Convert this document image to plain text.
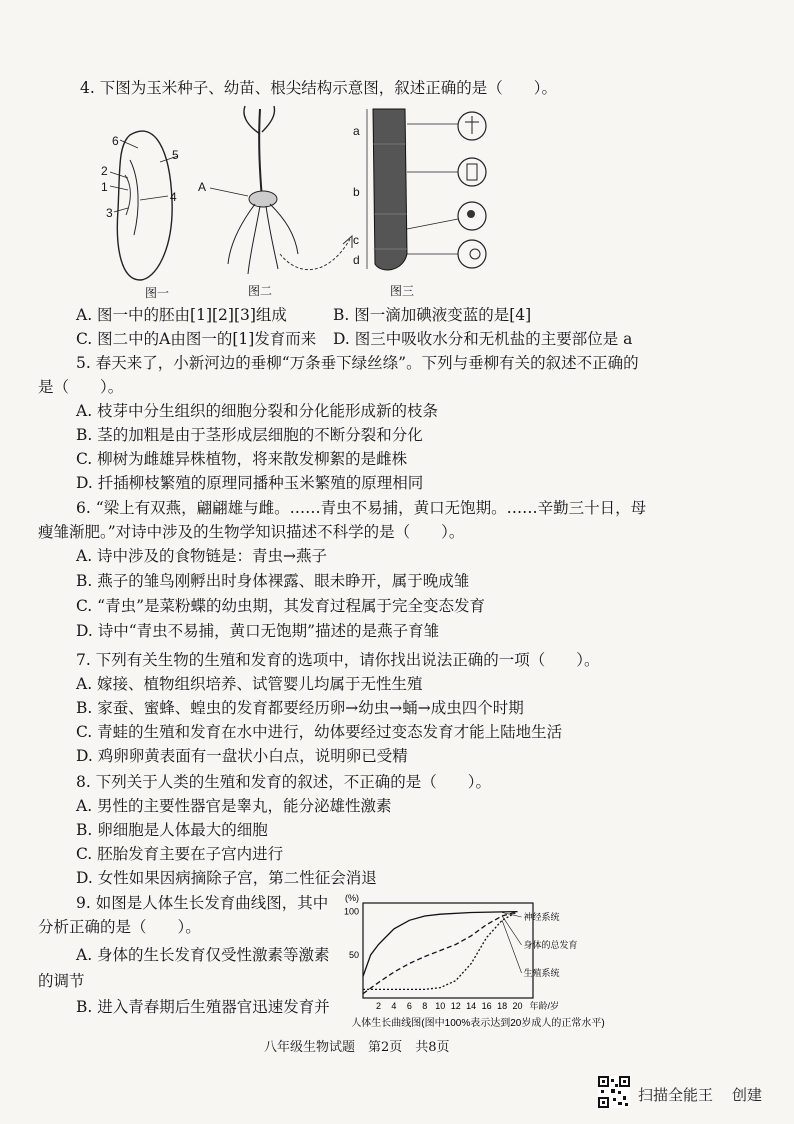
4. 下图为玉米种子、幼苗、根尖结构示意图，叙述正确的是（　　）。
6
5
2
1
4
3
图一
A
图二
a
b
c
d
图三
A. 图一中的胚由[1][2][3]组成	B. 图一滴加碘液变蓝的是[4]
C. 图二中的A由图一的[1]发育而来 D. 图三中吸收水分和无机盐的主要部位是 a
5. 春天来了，小新河边的垂柳“万条垂下绿丝绦”。下列与垂柳有关的叙述不正确的
是（　　）。
A. 枝芽中分生组织的细胞分裂和分化能形成新的枝条
B. 茎的加粗是由于茎形成层细胞的不断分裂和分化
C. 柳树为雌雄异株植物，将来散发柳絮的是雌株
D. 扦插柳枝繁殖的原理同播种玉米繁殖的原理相同
6. “梁上有双燕，翩翩雄与雌。……青虫不易捕，黄口无饱期。……辛勤三十日，母
瘦雏渐肥。”对诗中涉及的生物学知识描述不科学的是（　　）。
A. 诗中涉及的食物链是：青虫→燕子
B. 燕子的雏鸟刚孵出时身体裸露、眼未睁开，属于晚成雏
C. “青虫”是菜粉蝶的幼虫期，其发育过程属于完全变态发育
D. 诗中“青虫不易捕，黄口无饱期”描述的是燕子育雏
7. 下列有关生物的生殖和发育的选项中，请你找出说法正确的一项（　　）。
A. 嫁接、植物组织培养、试管婴儿均属于无性生殖
B. 家蚕、蜜蜂、蝗虫的发育都要经历卵→幼虫→蛹→成虫四个时期
C. 青蛙的生殖和发育在水中进行，幼体要经过变态发育才能上陆地生活
D. 鸡卵卵黄表面有一盘状小白点，说明卵已受精
8. 下列关于人类的生殖和发育的叙述，不正确的是（　　）。
A. 男性的主要性器官是睾丸，能分泌雄性激素
B. 卵细胞是人体最大的细胞
C. 胚胎发育主要在子宫内进行
D. 女性如果因病摘除子宫，第二性征会消退
9. 如图是人体生长发育曲线图，其中
分析正确的是（　　）。
A. 身体的生长发育仅受性激素等激素
的调节
B. 进入青春期后生殖器官迅速发育并
(%)
50
100
2 4 6 8 10 12 14 16 18 20 年龄/岁
神经系统
身体的总发育
生殖系统
人体生长曲线图(图中100%表示达到20岁成人的正常水平)
八年级生物试题　第2页　共8页
扫描全能王 创建
